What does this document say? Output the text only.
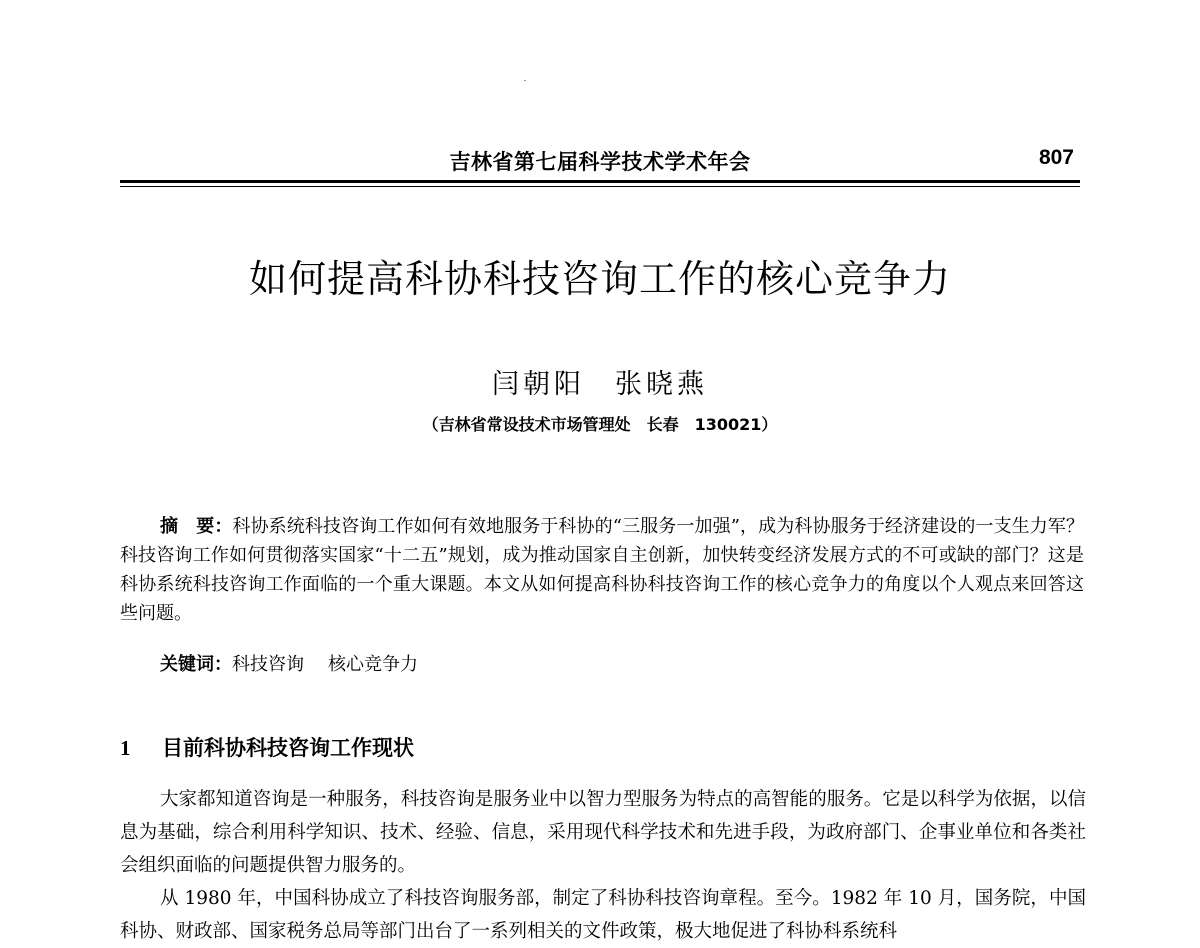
吉林省第七届科学技术学术年会	807
如何提高科协科技咨询工作的核心竞争力
闫朝阳 张晓燕
（吉林省常设技术市场管理处　长春　130021）

摘　要：科协系统科技咨询工作如何有效地服务于科协的“三服务一加强”，成为科协服务于经济建设的一支生力军？科技咨询工作如何贯彻落实国家“十二五”规划，成为推动国家自主创新，加快转变经济发展方式的不可或缺的部门？这是科协系统科技咨询工作面临的一个重大课题。本文从如何提高科协科技咨询工作的核心竞争力的角度以个人观点来回答这些问题。

关键词：科技咨询 核心竞争力

1 目前科协科技咨询工作现状

大家都知道咨询是一种服务，科技咨询是服务业中以智力型服务为特点的高智能的服务。它是以科学为依据，以信息为基础，综合利用科学知识、技术、经验、信息，采用现代科学技术和先进手段，为政府部门、企事业单位和各类社会组织面临的问题提供智力服务的。

从 1980 年，中国科协成立了科技咨询服务部，制定了科协科技咨询章程。至今。1982 年 10 月，国务院，中国科协、财政部、国家税务总局等部门出台了一系列相关的文件政策，极大地促进了科协科系统科
